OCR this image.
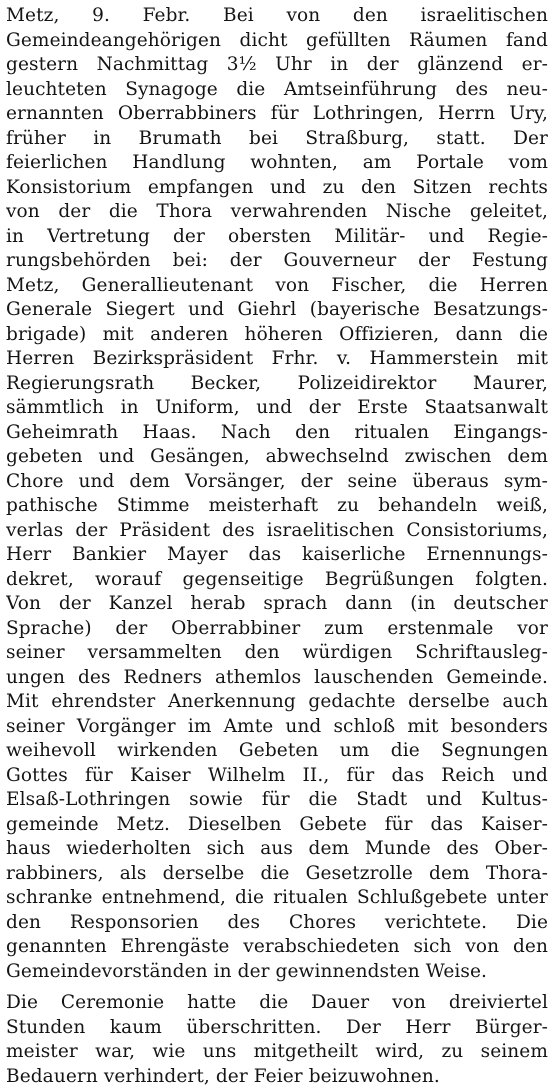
Metz, 9. Febr. Bei von den israelitischen
Gemeindeangehörigen dicht gefüllten Räumen fand
gestern Nachmittag 3½ Uhr in der glänzend er-
leuchteten Synagoge die Amtseinführung des neu-
ernannten Oberrabbiners für Lothringen, Herrn Ury,
früher in Brumath bei Straßburg, statt. Der
feierlichen Handlung wohnten, am Portale vom
Konsistorium empfangen und zu den Sitzen rechts
von der die Thora verwahrenden Nische geleitet,
in Vertretung der obersten Militär- und Regie-
rungsbehörden bei: der Gouverneur der Festung
Metz, Generallieutenant von Fischer, die Herren
Generale Siegert und Giehrl (bayerische Besatzungs-
brigade) mit anderen höheren Offizieren, dann die
Herren Bezirkspräsident Frhr. v. Hammerstein mit
Regierungsrath Becker, Polizeidirektor Maurer,
sämmtlich in Uniform, und der Erste Staatsanwalt
Geheimrath Haas. Nach den ritualen Eingangs-
gebeten und Gesängen, abwechselnd zwischen dem
Chore und dem Vorsänger, der seine überaus sym-
pathische Stimme meisterhaft zu behandeln weiß,
verlas der Präsident des israelitischen Consistoriums,
Herr Bankier Mayer das kaiserliche Ernennungs-
dekret, worauf gegenseitige Begrüßungen folgten.
Von der Kanzel herab sprach dann (in deutscher
Sprache) der Oberrabbiner zum erstenmale vor
seiner versammelten den würdigen Schriftausleg-
ungen des Redners athemlos lauschenden Gemeinde.
Mit ehrendster Anerkennung gedachte derselbe auch
seiner Vorgänger im Amte und schloß mit besonders
weihevoll wirkenden Gebeten um die Segnungen
Gottes für Kaiser Wilhelm II., für das Reich und
Elsaß-Lothringen sowie für die Stadt und Kultus-
gemeinde Metz. Dieselben Gebete für das Kaiser-
haus wiederholten sich aus dem Munde des Ober-
rabbiners, als derselbe die Gesetzrolle dem Thora-
schranke entnehmend, die ritualen Schlußgebete unter
den Responsorien des Chores verichtete. Die
genannten Ehrengäste verabschiedeten sich von den
Gemeindevorständen in der gewinnendsten Weise.
Die Ceremonie hatte die Dauer von dreiviertel
Stunden kaum überschritten. Der Herr Bürger-
meister war, wie uns mitgetheilt wird, zu seinem
Bedauern verhindert, der Feier beizuwohnen.
